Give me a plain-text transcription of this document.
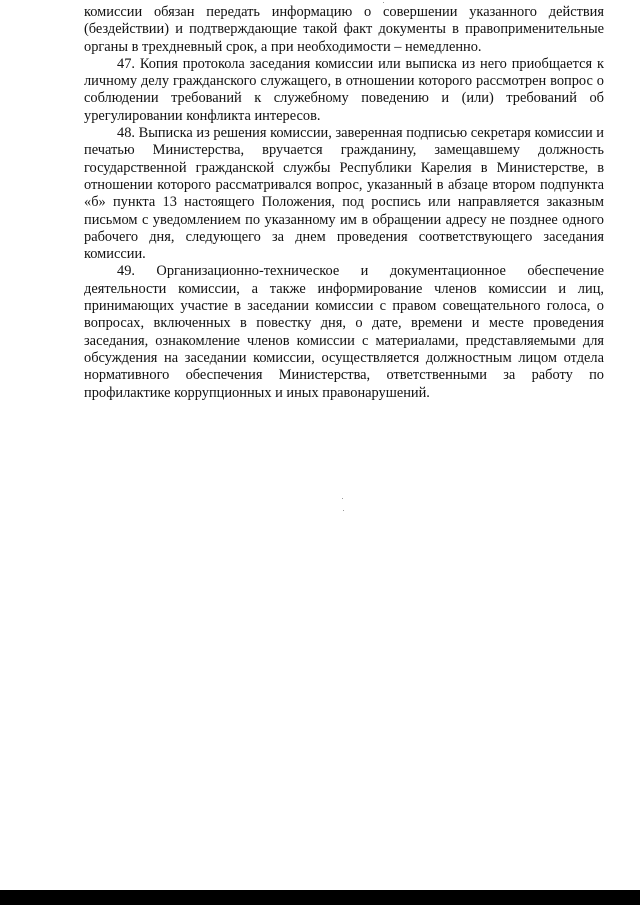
комиссии обязан передать информацию о совершении указанного действия (бездействии) и подтверждающие такой факт документы в правоприменительные органы в трехдневный срок, а при необходимости – немедленно.

47. Копия протокола заседания комиссии или выписка из него приобщается к личному делу гражданского служащего, в отношении которого рассмотрен вопрос о соблюдении требований к служебному поведению и (или) требований об урегулировании конфликта интересов.

48. Выписка из решения комиссии, заверенная подписью секретаря комиссии и печатью Министерства, вручается гражданину, замещавшему должность государственной гражданской службы Республики Карелия в Министерстве, в отношении которого рассматривался вопрос, указанный в абзаце втором подпункта «б» пункта 13 настоящего Положения, под роспись или направляется заказным письмом с уведомлением по указанному им в обращении адресу не позднее одного рабочего дня, следующего за днем проведения соответствующего заседания комиссии.

49. Организационно-техническое и документационное обеспечение деятельности комиссии, а также информирование членов комиссии и лиц, принимающих участие в заседании комиссии с правом совещательного голоса, о вопросах, включенных в повестку дня, о дате, времени и месте проведения заседания, ознакомление членов комиссии с материалами, представляемыми для обсуждения на заседании комиссии, осуществляется должностным лицом отдела нормативного обеспечения Министерства, ответственными за работу по профилактике коррупционных и иных правонарушений.
